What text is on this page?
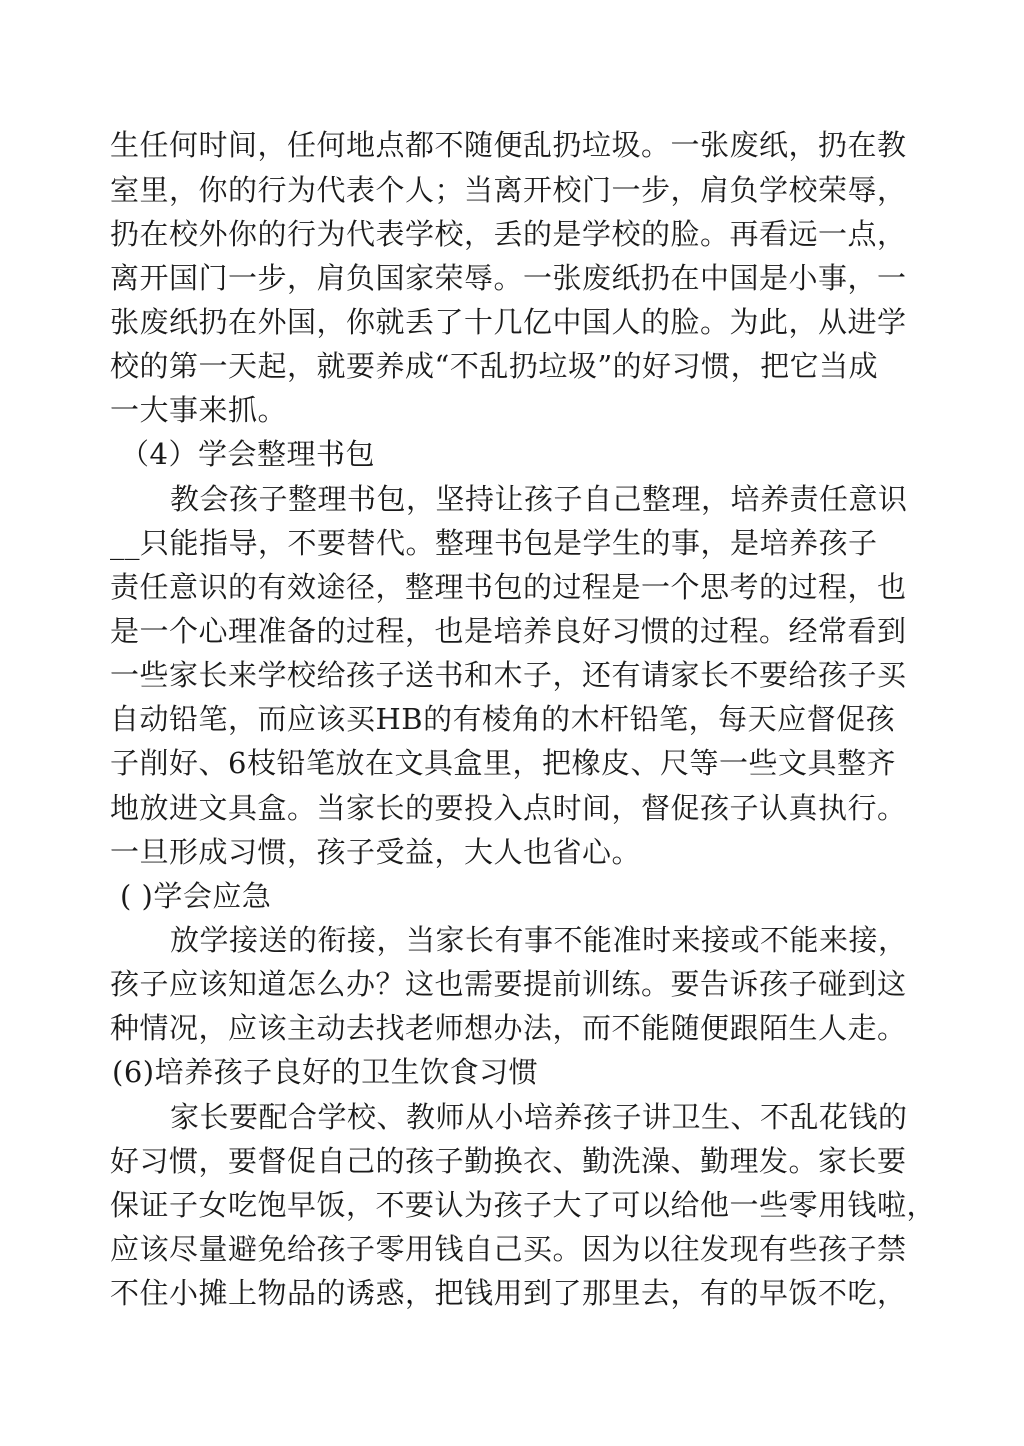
生任何时间，任何地点都不随便乱扔垃圾。一张废纸，扔在教
室里，你的行为代表个人；当离开校门一步，肩负学校荣辱，
扔在校外你的行为代表学校，丢的是学校的脸。再看远一点，
离开国门一步，肩负国家荣辱。一张废纸扔在中国是小事，一
张废纸扔在外国，你就丢了十几亿中国人的脸。为此，从进学
校的第一天起，就要养成“不乱扔垃圾”的好习惯，把它当成
一大事来抓。
（4）学会整理书包
教会孩子整理书包，坚持让孩子自己整理，培养责任意识
__只能指导，不要替代。整理书包是学生的事，是培养孩子
责任意识的有效途径，整理书包的过程是一个思考的过程，也
是一个心理准备的过程，也是培养良好习惯的过程。经常看到
一些家长来学校给孩子送书和木子，还有请家长不要给孩子买
自动铅笔，而应该买HB的有棱角的木杆铅笔，每天应督促孩
子削好、6枝铅笔放在文具盒里，把橡皮、尺等一些文具整齐
地放进文具盒。当家长的要投入点时间，督促孩子认真执行。
一旦形成习惯，孩子受益，大人也省心。
( )学会应急
放学接送的衔接，当家长有事不能准时来接或不能来接，
孩子应该知道怎么办？这也需要提前训练。要告诉孩子碰到这
种情况，应该主动去找老师想办法，而不能随便跟陌生人走。
(6)培养孩子良好的卫生饮食习惯
家长要配合学校、教师从小培养孩子讲卫生、不乱花钱的
好习惯，要督促自己的孩子勤换衣、勤洗澡、勤理发。家长要
保证子女吃饱早饭，不要认为孩子大了可以给他一些零用钱啦，
应该尽量避免给孩子零用钱自己买。因为以往发现有些孩子禁
不住小摊上物品的诱惑，把钱用到了那里去，有的早饭不吃，
